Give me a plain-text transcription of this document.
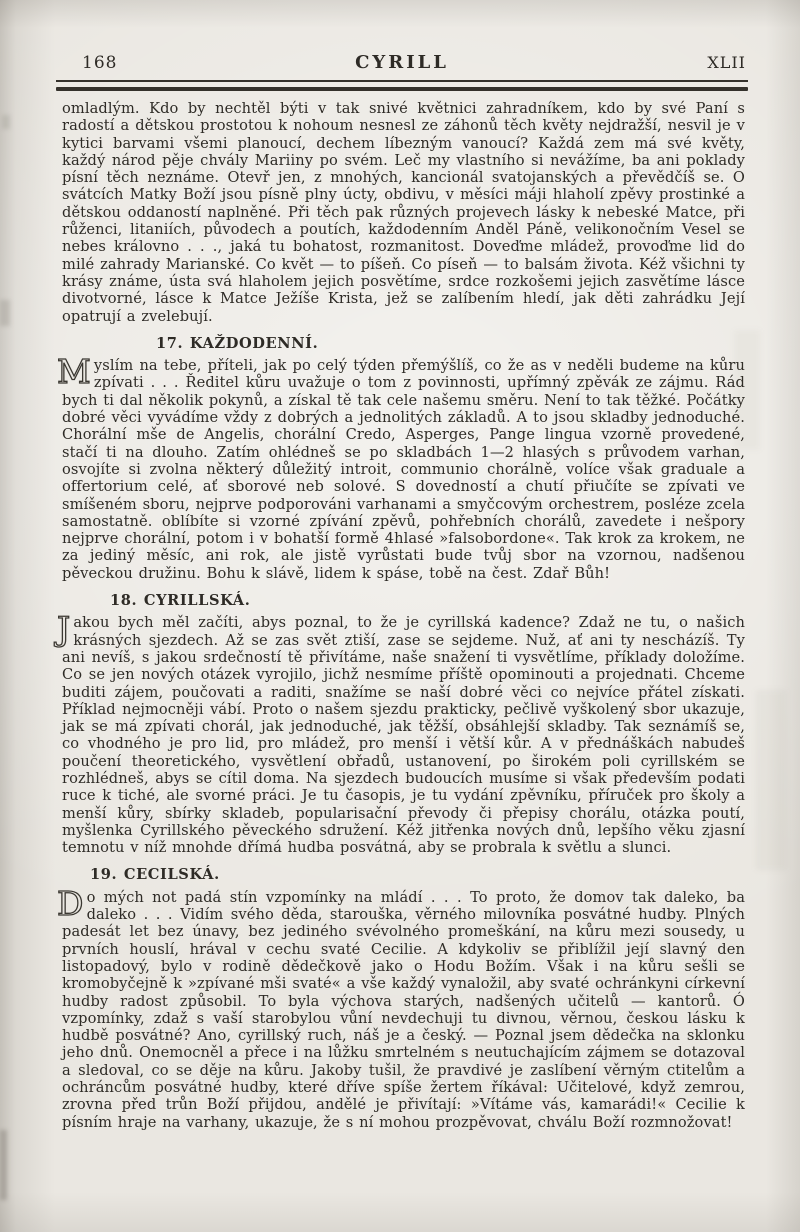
168	CYRILL	XLII

omladlým. Kdo by nechtěl býti v tak snivé květnici zahradníkem, kdo by své Paní s radostí a dětskou prostotou k nohoum nesnesl ze záhonů těch květy nejdražší, nesvil je v kytici barvami všemi planoucí, dechem líbezným vanoucí? Každá zem má své květy, každý národ pěje chvály Mariiny po svém. Leč my vlastního si nevážíme, ba ani poklady písní těch neznáme. Otevř jen, z mnohých, kancionál svatojanských a převědčíš se. O svátcích Matky Boží jsou písně plny úcty, obdivu, v měsíci máji hlaholí zpěvy prostinké a dětskou oddaností naplněné. Při těch pak různých projevech lásky k nebeské Matce, při růženci, litaniích, původech a poutích, každodenním Anděl Páně, velikonočním Vesel se nebes královno . . ., jaká tu bohatost, rozmanitost. Doveďme mládež, provoďme lid do milé zahrady Marianské. Co květ — to píšeň. Co píseň — to balsám života. Kéž všichni ty krásy známe, ústa svá hlaholem jejich posvětíme, srdce rozkošemi jejich zasvětíme lásce divotvorné, lásce k Matce Ježíše Krista, jež se zalíbením hledí, jak děti zahrádku Její opatrují a zvelebují.

17. KAŽDODENNÍ.

Myslím na tebe, příteli, jak po celý týden přemýšlíš, co že as v neděli budeme na kůru zpívati . . . Ředitel kůru uvažuje o tom z povinnosti, upřímný zpěvák ze zájmu. Rád bych ti dal několik pokynů, a získal tě tak cele našemu směru. Není to tak těžké. Počátky dobré věci vyvádíme vždy z dobrých a jednolitých základů. A to jsou skladby jednoduché. Chorální mše de Angelis, chorální Credo, Asperges, Pange lingua vzorně provedené, stačí ti na dlouho. Zatím ohlédneš se po skladbách 1—2 hlasých s průvodem varhan, osvojíte si zvolna některý důležitý introit, communio chorálně, volíce však graduale a offertorium celé, ať sborové neb solové. S dovedností a chutí přiučíte se zpívati ve smíšeném sboru, nejprve podporováni varhanami a smyčcovým orchestrem, posléze zcela samostatně. oblíbíte si vzorné zpívání zpěvů, pohřebních chorálů, zavedete i nešpory nejprve chorální, potom i v bohatší formě 4hlasé »falsobordone«. Tak krok za krokem, ne za jediný měsíc, ani rok, ale jistě vyrůstati bude tvůj sbor na vzornou, nadšenou pěveckou družinu. Bohu k slávě, lidem k spáse, tobě na čest. Zdař Bůh!

18. CYRILLSKÁ.

Jakou bych měl začíti, abys poznal, to že je cyrillská kadence? Zdaž ne tu, o našich krásných sjezdech. Až se zas svět ztiší, zase se sejdeme. Nuž, ať ani ty nescházíš. Ty ani nevíš, s jakou srdečností tě přivítáme, naše snažení ti vysvětlíme, příklady doložíme. Co se jen nových otázek vyrojilo, jichž nesmíme příště opominouti a projednati. Chceme buditi zájem, poučovati a raditi, snažíme se naší dobré věci co nejvíce přátel získati. Příklad nejmocněji vábí. Proto o našem sjezdu prakticky, pečlivě vyškolený sbor ukazuje, jak se má zpívati chorál, jak jednoduché, jak těžší, obsáhlejší skladby. Tak seznámíš se, co vhodného je pro lid, pro mládež, pro menší i větší kůr. A v přednáškách nabudeš poučení theoretického, vysvětlení obřadů, ustanovení, po širokém poli cyrillském se rozhlédneš, abys se cítil doma. Na sjezdech budoucích musíme si však především podati ruce k tiché, ale svorné práci. Je tu časopis, je tu vydání zpěvníku, příruček pro školy a menší kůry, sbírky skladeb, popularisační převody či přepisy chorálu, otázka poutí, myšlenka Cyrillského pěveckého sdružení. Kéž jitřenka nových dnů, lepšího věku zjasní temnotu v níž mnohde dřímá hudba posvátná, aby se probrala k světlu a slunci.

19. CECILSKÁ.

Do mých not padá stín vzpomínky na mládí . . . To proto, že domov tak daleko, ba daleko . . . Vidím svého děda, starouška, věrného milovníka posvátné hudby. Plných padesát let bez únavy, bez jediného svévolného promeškání, na kůru mezi sousedy, u prvních houslí, hrával v cechu svaté Cecilie. A kdykoliv se přiblížil její slavný den listopadový, bylo v rodině dědečkově jako o Hodu Božím. Však i na kůru sešli se kromobyčejně k »zpívané mši svaté« a vše každý vynaložil, aby svaté ochránkyni církevní hudby radost způsobil. To byla výchova starých, nadšených učitelů — kantorů. Ó vzpomínky, zdaž s vaší starobylou vůní nevdechuji tu divnou, věrnou, českou lásku k hudbě posvátné? Ano, cyrillský ruch, náš je a český. — Poznal jsem dědečka na sklonku jeho dnů. Onemocněl a přece i na lůžku smrtelném s neutuchajícím zájmem se dotazoval a sledoval, co se děje na kůru. Jakoby tušil, že pravdivé je zaslíbení věrným ctitelům a ochráncům posvátné hudby, které dříve spíše žertem říkával: Učitelové, když zemrou, zrovna před trůn Boží přijdou, andělé je přivítají: »Vítáme vás, kamarádi!« Cecilie k písním hraje na varhany, ukazuje, že s ní mohou prozpěvovat, chválu Boží rozmnožovat!
